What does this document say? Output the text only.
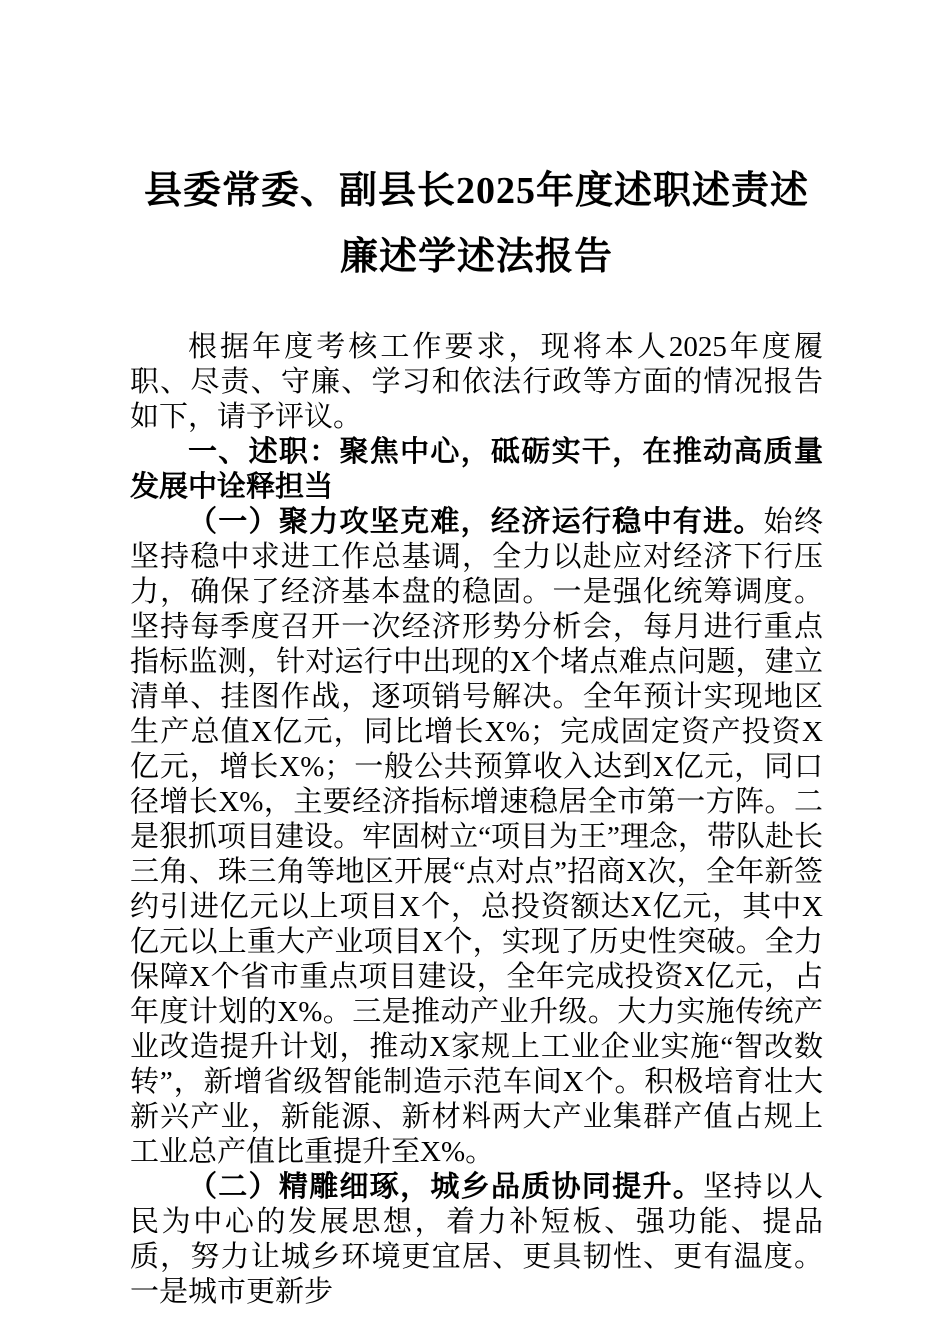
县委常委、副县长2025年度述职述责述廉述学述法报告

根据年度考核工作要求，现将本人2025年度履职、尽责、守廉、学习和依法行政等方面的情况报告如下，请予评议。

一、述职：聚焦中心，砥砺实干，在推动高质量发展中诠释担当

（一）聚力攻坚克难，经济运行稳中有进。始终坚持稳中求进工作总基调，全力以赴应对经济下行压力，确保了经济基本盘的稳固。一是强化统筹调度。坚持每季度召开一次经济形势分析会，每月进行重点指标监测，针对运行中出现的X个堵点难点问题，建立清单、挂图作战，逐项销号解决。全年预计实现地区生产总值X亿元，同比增长X%；完成固定资产投资X亿元，增长X%；一般公共预算收入达到X亿元，同口径增长X%，主要经济指标增速稳居全市第一方阵。二是狠抓项目建设。牢固树立“项目为王”理念，带队赴长三角、珠三角等地区开展“点对点”招商X次，全年新签约引进亿元以上项目X个，总投资额达X亿元，其中X亿元以上重大产业项目X个，实现了历史性突破。全力保障X个省市重点项目建设，全年完成投资X亿元，占年度计划的X%。三是推动产业升级。大力实施传统产业改造提升计划，推动X家规上工业企业实施“智改数转”，新增省级智能制造示范车间X个。积极培育壮大新兴产业，新能源、新材料两大产业集群产值占规上工业总产值比重提升至X%。

（二）精雕细琢，城乡品质协同提升。坚持以人民为中心的发展思想，着力补短板、强功能、提品质，努力让城乡环境更宜居、更具韧性、更有温度。一是城市更新步
